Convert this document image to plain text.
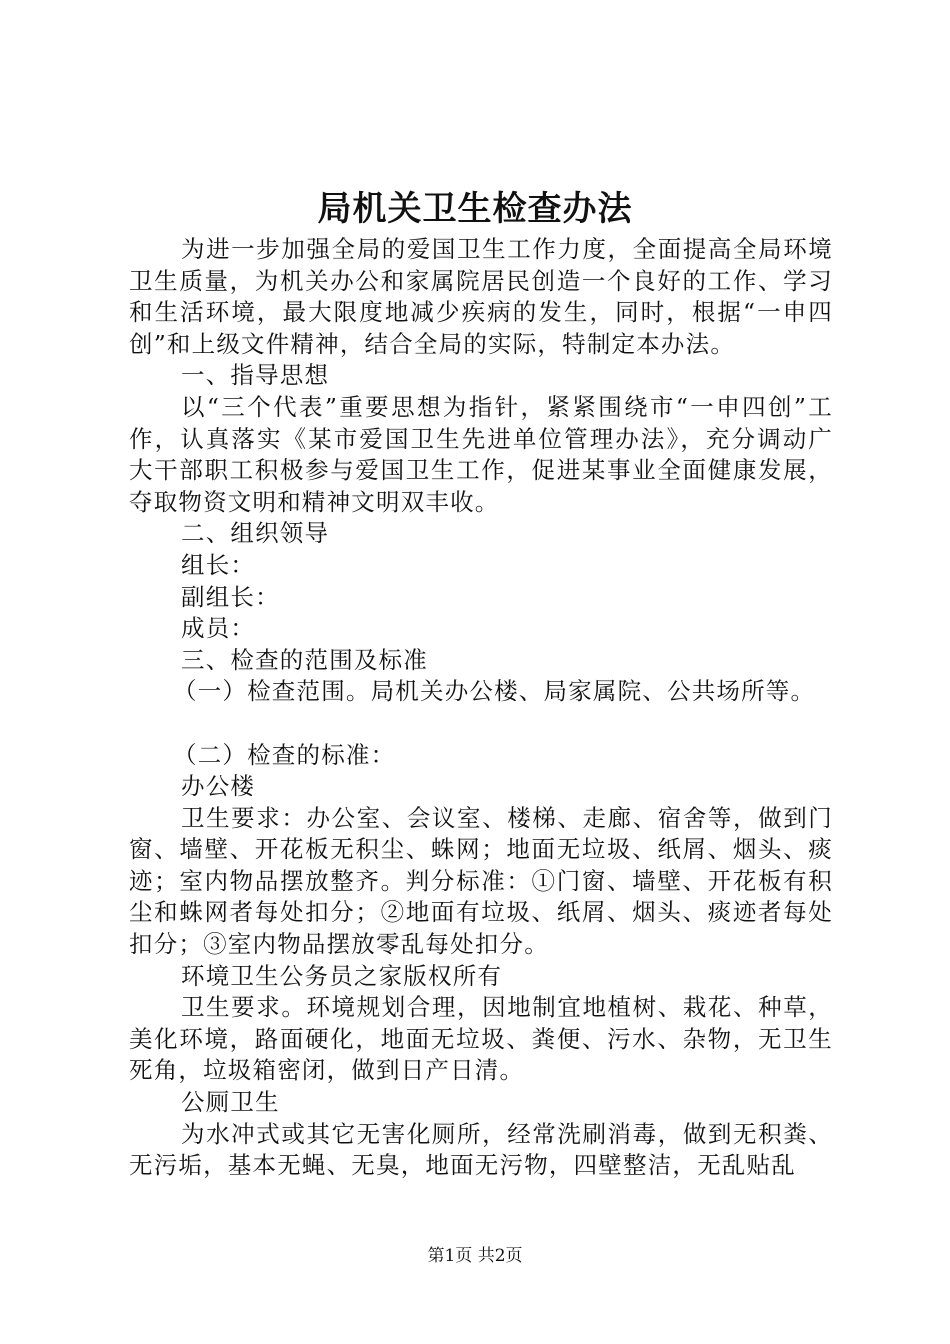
局机关卫生检查办法

为进一步加强全局的爱国卫生工作力度，全面提高全局环境卫生质量，为机关办公和家属院居民创造一个良好的工作、学习和生活环境，最大限度地减少疾病的发生，同时，根据“一申四创”和上级文件精神，结合全局的实际，特制定本办法。

一、指导思想

以“三个代表”重要思想为指针，紧紧围绕市“一申四创”工作，认真落实《某市爱国卫生先进单位管理办法》，充分调动广大干部职工积极参与爱国卫生工作，促进某事业全面健康发展，夺取物资文明和精神文明双丰收。

二、组织领导

组长：

副组长：

成员：

三、检查的范围及标准

（一）检查范围。局机关办公楼、局家属院、公共场所等。

（二）检查的标准：

办公楼

卫生要求：办公室、会议室、楼梯、走廊、宿舍等，做到门窗、墙壁、开花板无积尘、蛛网；地面无垃圾、纸屑、烟头、痰迹；室内物品摆放整齐。判分标准：①门窗、墙壁、开花板有积尘和蛛网者每处扣分；②地面有垃圾、纸屑、烟头、痰迹者每处扣分；③室内物品摆放零乱每处扣分。

环境卫生公务员之家版权所有

卫生要求。环境规划合理，因地制宜地植树、栽花、种草，美化环境，路面硬化，地面无垃圾、粪便、污水、杂物，无卫生死角，垃圾箱密闭，做到日产日清。

公厕卫生

为水冲式或其它无害化厕所，经常洗刷消毒，做到无积粪、无污垢，基本无蝇、无臭，地面无污物，四壁整洁，无乱贴乱

第1页 共2页
